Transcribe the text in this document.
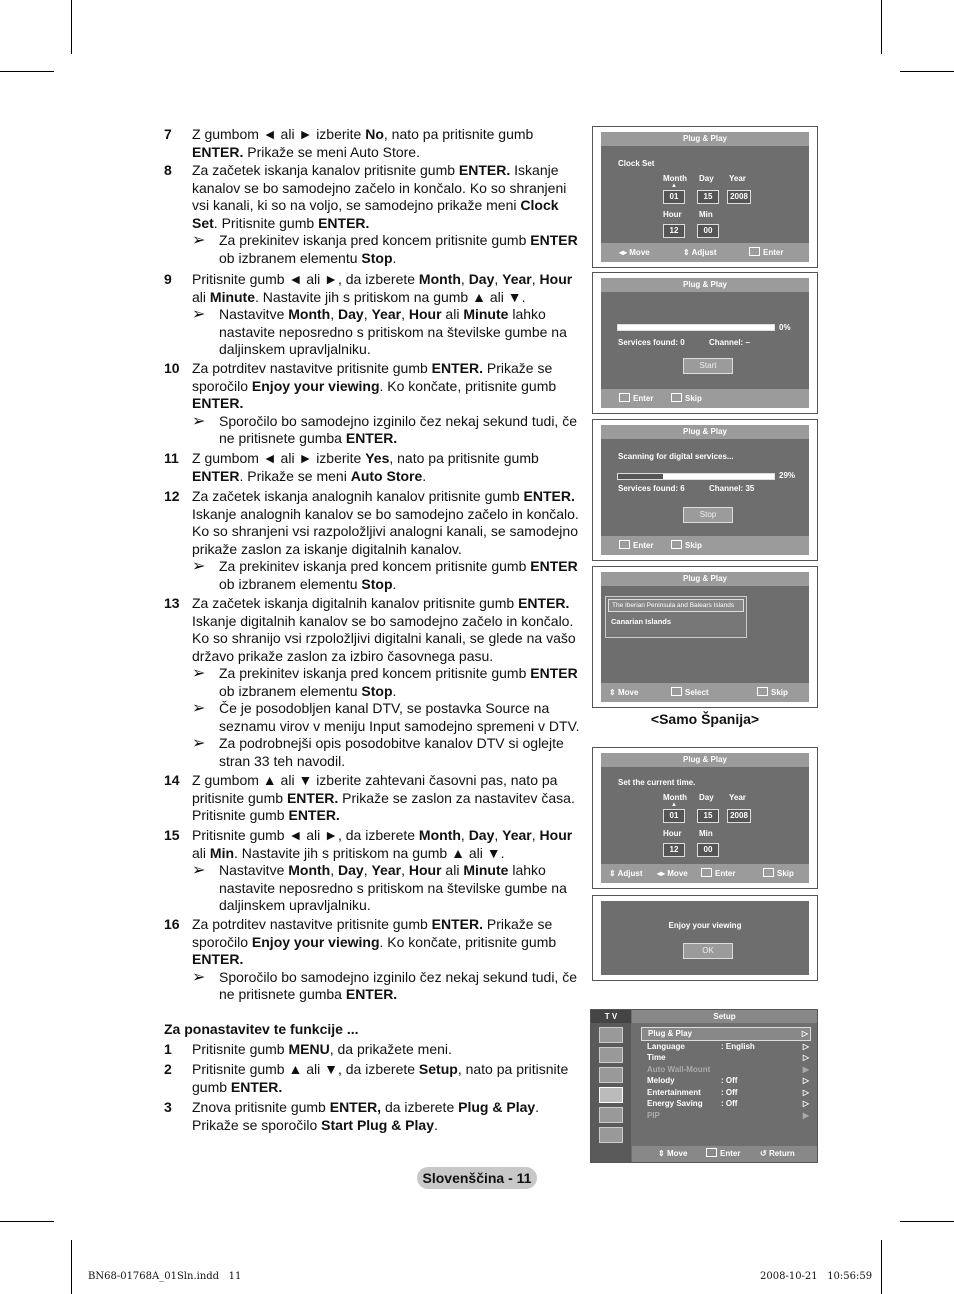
7 Z gumbom ◄ ali ► izberite No, nato pa pritisnite gumb ENTER. Prikaže se meni Auto Store.
8 Za začetek iskanja kanalov pritisnite gumb ENTER. Iskanje kanalov se bo samodejno začelo in končalo. Ko so shranjeni vsi kanali, ki so na voljo, se samodejno prikaže meni Clock Set. Pritisnite gumb ENTER.
➢ Za prekinitev iskanja pred koncem pritisnite gumb ENTER ob izbranem elementu Stop.
9 Pritisnite gumb ◄ ali ►, da izberete Month, Day, Year, Hour ali Minute. Nastavite jih s pritiskom na gumb ▲ ali ▼.
➢ Nastavitve Month, Day, Year, Hour ali Minute lahko nastavite neposredno s pritiskom na številske gumbe na daljinskem upravljalniku.
10 Za potrditev nastavitve pritisnite gumb ENTER. Prikaže se sporočilo Enjoy your viewing. Ko končate, pritisnite gumb ENTER.
➢ Sporočilo bo samodejno izginilo čez nekaj sekund tudi, če ne pritisnete gumba ENTER.
11 Z gumbom ◄ ali ► izberite Yes, nato pa pritisnite gumb ENTER. Prikaže se meni Auto Store.
12 Za začetek iskanja analognih kanalov pritisnite gumb ENTER. Iskanje analognih kanalov se bo samodejno začelo in končalo. Ko so shranjeni vsi razpoložljivi analogni kanali, se samodejno prikaže zaslon za iskanje digitalnih kanalov.
➢ Za prekinitev iskanja pred koncem pritisnite gumb ENTER ob izbranem elementu Stop.
13 Za začetek iskanja digitalnih kanalov pritisnite gumb ENTER. Iskanje digitalnih kanalov se bo samodejno začelo in končalo. Ko so shranijo vsi rzpoložljivi digitalni kanali, se glede na vašo državo prikaže zaslon za izbiro časovnega pasu.
➢ Za prekinitev iskanja pred koncem pritisnite gumb ENTER ob izbranem elementu Stop.
➢ Če je posodobljen kanal DTV, se postavka Source na seznamu virov v meniju Input samodejno spremeni v DTV.
➢ Za podrobnejši opis posodobitve kanalov DTV si oglejte stran 33 teh navodil.
14 Z gumbom ▲ ali ▼ izberite zahtevani časovni pas, nato pa pritisnite gumb ENTER. Prikaže se zaslon za nastavitev časa. Pritisnite gumb ENTER.
15 Pritisnite gumb ◄ ali ►, da izberete Month, Day, Year, Hour ali Min. Nastavite jih s pritiskom na gumb ▲ ali ▼.
➢ Nastavitve Month, Day, Year, Hour ali Minute lahko nastavite neposredno s pritiskom na številske gumbe na daljinskem upravljalniku.
16 Za potrditev nastavitve pritisnite gumb ENTER. Prikaže se sporočilo Enjoy your viewing. Ko končate, pritisnite gumb ENTER.
➢ Sporočilo bo samodejno izginilo čez nekaj sekund tudi, če ne pritisnete gumba ENTER.
Za ponastavitev te funkcije ...
1 Pritisnite gumb MENU, da prikažete meni.
2 Pritisnite gumb ▲ ali ▼, da izberete Setup, nato pa pritisnite gumb ENTER.
3 Znova pritisnite gumb ENTER, da izberete Plug & Play. Prikaže se sporočilo Start Plug & Play.
Plug & Play
Clock Set
Month Day Year
▲
01	15	2008
Hour Min
12	00
◂▸ Move	⇕ Adjust	Enter
Plug & Play
0%
Services found: 0	Channel: –
Start
Enter	Skip
Plug & Play
Scanning for digital services...
29%
Services found: 6	Channel: 35
Stop
Enter	Skip
Plug & Play
The Iberian Peninsula and Balears Islands
Canarian Islands
⇕ Move	Select	Skip
<Samo Španija>
Plug & Play
Set the current time.
Month Day Year
▲
01	15	2008
Hour Min
12	00
⇕ Adjust ◂▸ Move	Enter	Skip
Enjoy your viewing
OK
T V	Setup
Plug & Play	▷
Language	: English	▷
Time	▷
Auto Wall-Mount	▶
Melody	: Off	▷
Entertainment	: Off	▷
Energy Saving : Off	▷
PIP	▶
⇕ Move	Enter ↺ Return
Slovenščina - 11
BN68-01768A_01Sln.indd   11	2008-10-21   10:56:59
